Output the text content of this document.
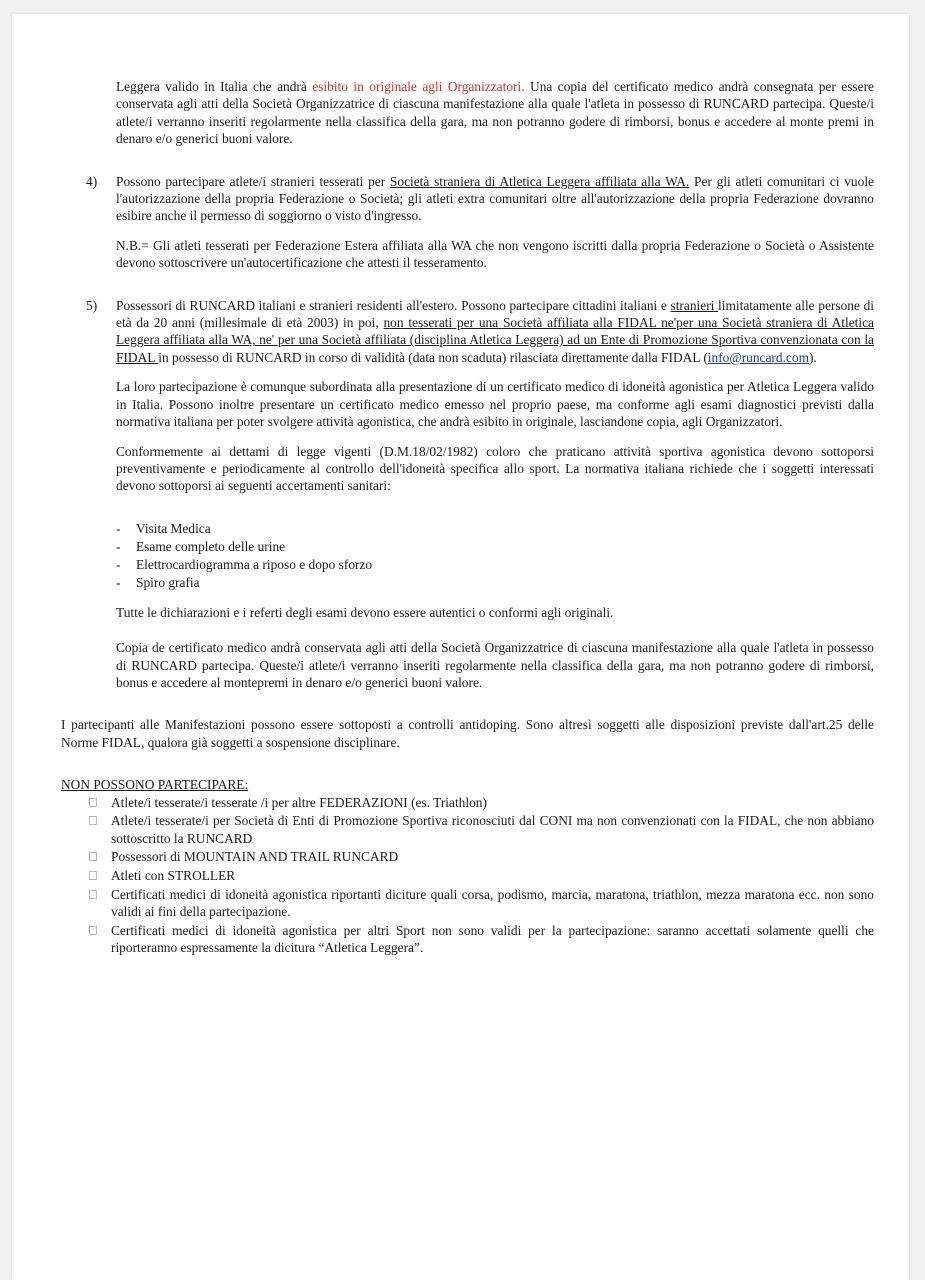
Leggera valido in Italia che andrà esibito in originale agli Organizzatori. Una copia del certificato medico andrà consegnata per essere conservata agli atti della Società Organizzatrice di ciascuna manifestazione alla quale l'atleta in possesso di RUNCARD partecipa. Queste/i atlete/i verranno inseriti regolarmente nella classifica della gara, ma non potranno godere di rimborsi, bonus e accedere al monte premi in denaro e/o generici buoni valore.

4) Possono partecipare atlete/i stranieri tesserati per Società straniera di Atletica Leggera affiliata alla WA. Per gli atleti comunitari ci vuole l'autorizzazione della propria Federazione o Società; gli atleti extra comunitari oltre all'autorizzazione della propria Federazione dovranno esibire anche il permesso di soggiorno o visto d'ingresso.

N.B.= Gli atleti tesserati per Federazione Estera affiliata alla WA che non vengono iscritti dalla propria Federazione o Società o Assistente devono sottoscrivere un'autocertificazione che attesti il tesseramento.

5) Possessori di RUNCARD italiani e stranieri residenti all'estero. Possono partecipare cittadini italiani e stranieri limitatamente alle persone di età da 20 anni (millesimale di età 2003) in poi, non tesserati per una Società affiliata alla FIDAL ne'per una Società straniera di Atletica Leggera affiliata alla WA, ne' per una Società affiliata (disciplina Atletica Leggera) ad un Ente di Promozione Sportiva convenzionata con la FIDAL in possesso di RUNCARD in corso di validità (data non scaduta) rilasciata direttamente dalla FIDAL (info@runcard.com).

La loro partecipazione è comunque subordinata alla presentazione di un certificato medico di idoneità agonistica per Atletica Leggera valido in Italia. Possono inoltre presentare un certificato medico emesso nel proprio paese, ma conforme agli esami diagnostici previsti dalla normativa italiana per poter svolgere attività agonistica, che andrà esibito in originale, lasciandone copia, agli Organizzatori.

Conformemente ai dettami di legge vigenti (D.M.18/02/1982) coloro che praticano attività sportiva agonistica devono sottoporsi preventivamente e periodicamente al controllo dell'idoneità specifica allo sport. La normativa italiana richiede che i soggetti interessati devono sottoporsi ai seguenti accertamenti sanitari:

- Visita Medica
- Esame completo delle urine
- Elettrocardiogramma a riposo e dopo sforzo
- Spiro grafia

Tutte le dichiarazioni e i referti degli esami devono essere autentici o conformi agli originali.

Copia de certificato medico andrà conservata agli atti della Società Organizzatrice di ciascuna manifestazione alla quale l'atleta in possesso di RUNCARD partecipa. Queste/i atlete/i verranno inseriti regolarmente nella classifica della gara, ma non potranno godere di rimborsi, bonus e accedere al montepremi in denaro e/o generici buoni valore.

I partecipanti alle Manifestazioni possono essere sottoposti a controlli antidoping. Sono altresì soggetti alle disposizioni previste dall'art.25 delle Norme FIDAL, qualora già soggetti a sospensione disciplinare.

NON POSSONO PARTECIPARE:

Atlete/i tesserate/i tesserate /i per altre FEDERAZIONI (es. Triathlon)
Atlete/i tesserate/i per Società di Enti di Promozione Sportiva riconosciuti dal CONI ma non convenzionati con la FIDAL, che non abbiano sottoscritto la RUNCARD
Possessori di MOUNTAIN AND TRAIL RUNCARD
Atleti con STROLLER
Certificati medici di idoneità agonistica riportanti diciture quali corsa, podismo, marcia, maratona, triathlon, mezza maratona ecc. non sono validi ai fini della partecipazione.
Certificati medici di idoneità agonistica per altri Sport non sono validi per la partecipazione: saranno accettati solamente quelli che riporteranno espressamente la dicitura “Atletica Leggera”.
